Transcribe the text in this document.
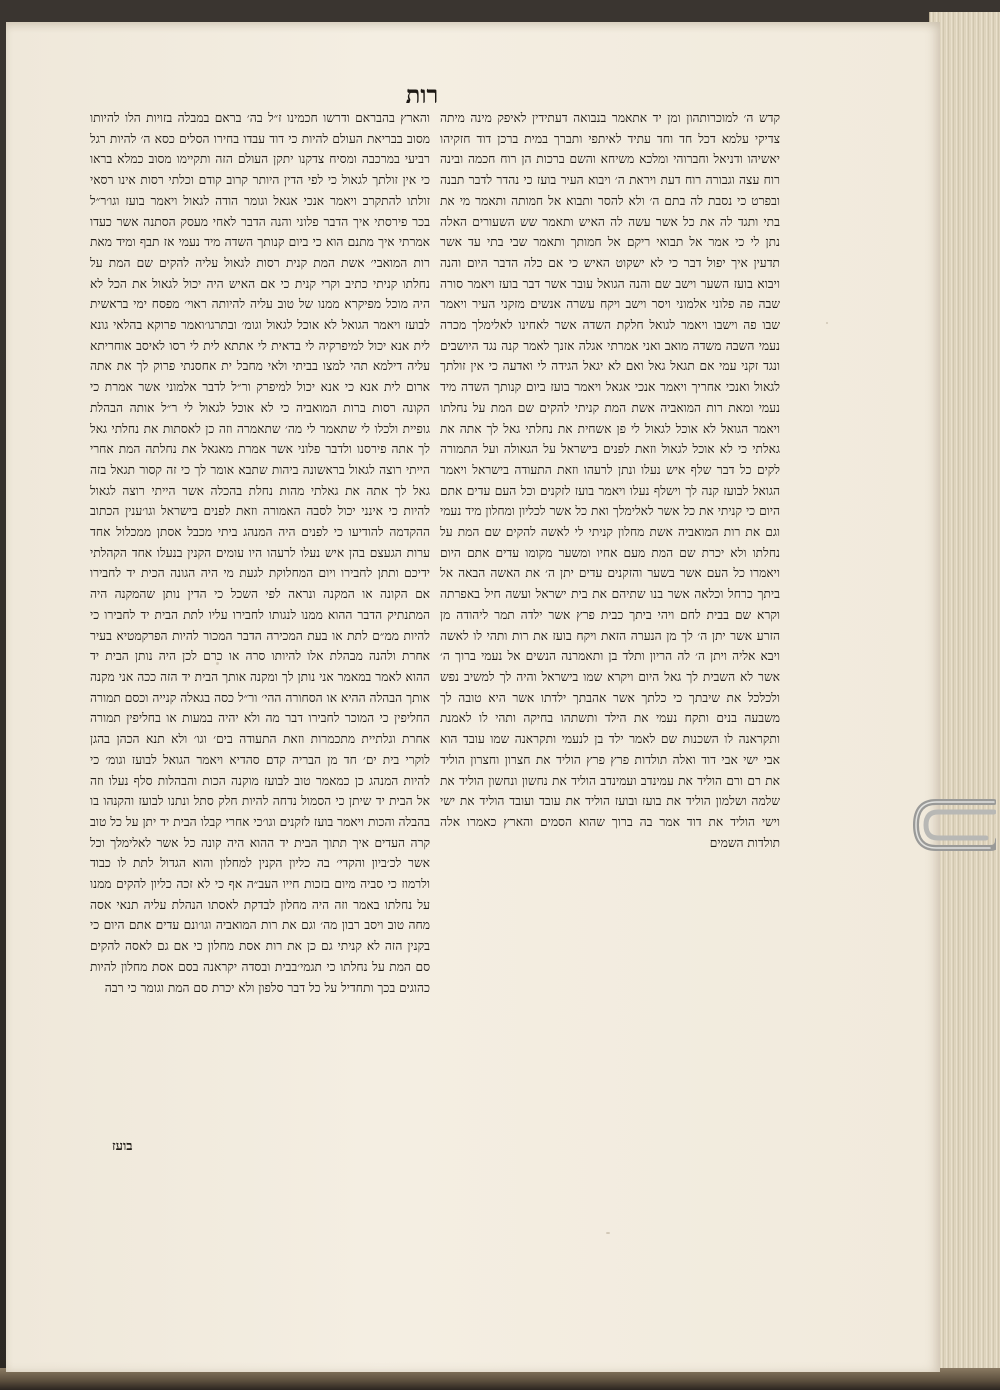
רות
קדש ה׳ למוכרותהון ומן יד אתאמר בנבואה דעתידין לאיפק מינה מיתה צדיקי עלמא דכל חד וחד עתיד לאיתפי ותברך במית ברכן דוד חזקיהו יאשיהו ודניאל וחברוהי ומלכא משיחא והשם ברכות הן רוח חכמה ובינה רוח עצה וגבורה רוח דעת ויראת ה׳ ויבוא העיר בועז כי נהדר לדבר תבנה ובפרט כי נסבת לה בתם ה׳ ולא להסר ותבוא אל חמותה ותאמר מי את בתי ותגד לה את כל אשר עשה לה האיש ותאמר שש השעורים האלה נתן לי כי אמר אל תבואי ריקם אל חמותך ותאמר שבי בתי עד אשר תדעין איך יפול דבר כי לא ישקוט האיש כי אם כלה הדבר היום והנה ויבוא בועז השער וישב שם והנה הגואל עובר אשר דבר בועז ויאמר סורה שבה פה פלוני אלמוני ויסר וישב ויקח עשרה אנשים מזקני העיר ויאמר שבו פה וישבו ויאמר לגואל חלקת השדה אשר לאחינו לאלימלך מכרה נעמי השבה משדה מואב ואני אמרתי אגלה אזנך לאמר קנה נגד היושבים ונגד זקני עמי אם תגאל גאל ואם לא יגאל הגידה לי ואדעה כי אין זולתך לגאול ואנכי אחריך ויאמר אנכי אגאל ויאמר בועז ביום קנותך השדה מיד נעמי ומאת רות המואביה אשת המת קניתי להקים שם המת על נחלתו ויאמר הגואל לא אוכל לגאול לי פן אשחית את נחלתי גאל לך אתה את גאלתי כי לא אוכל לגאול וזאת לפנים בישראל על הגאולה ועל התמורה לקים כל דבר שלף איש נעלו ונתן לרעהו וזאת התעודה בישראל ויאמר הגואל לבועז קנה לך וישלף נעלו ויאמר בועז לזקנים וכל העם עדים אתם היום כי קניתי את כל אשר לאלימלך ואת כל אשר לכליון ומחלון מיד נעמי וגם את רות המואביה אשת מחלון קניתי לי לאשה להקים שם המת על נחלתו ולא יכרת שם המת מעם אחיו ומשער מקומו עדים אתם היום ויאמרו כל העם אשר בשער והזקנים עדים יתן ה׳ את האשה הבאה אל ביתך כרחל וכלאה אשר בנו שתיהם את בית ישראל ועשה חיל באפרתה וקרא שם בבית לחם ויהי ביתך כבית פרץ אשר ילדה תמר ליהודה מן הזרע אשר יתן ה׳ לך מן הנערה הזאת ויקח בועז את רות ותהי לו לאשה ויבא אליה ויתן ה׳ לה הריון ותלד בן ותאמרנה הנשים אל נעמי ברוך ה׳ אשר לא השבית לך גאל היום ויקרא שמו בישראל והיה לך למשיב נפש ולכלכל את שיבתך כי כלתך אשר אהבתך ילדתו אשר היא טובה לך משבעה בנים ותקח נעמי את הילד ותשתהו בחיקה ותהי לו לאמנת ותקראנה לו השכנות שם לאמר ילד בן לנעמי ותקראנה שמו עובד הוא אבי ישי אבי דוד ואלה תולדות פרץ פרץ הוליד את חצרון וחצרון הוליד את רם ורם הוליד את עמינדב ועמינדב הוליד את נחשון ונחשון הוליד את שלמה ושלמון הוליד את בועז ובועז הוליד את עובד ועובד הוליד את ישי וישי הוליד את דוד אמר בה ברוך שהוא הסמים והארץ כאמרו אלה תולדות השמים
והארץ בהבראם ודרשו חכמינו ז״ל בה׳ בראם במבלה בזויות הלו להיותו מסוב בבריאת העולם להיות כי דוד עבדו בחירו הסלים כסא ה׳ להיות רגל רביעי במרכבה ומסיח צדקנו יתקן העולם הזה ותקיימו מסוב כמלא בראו כי אין זולתך לגאול כי לפי הדין היותר קרוב קודם וכלתי רסות אינו רסאי זולתו להתקרב ויאמר אנכי אגאל וגומר הודה לגאול ויאמר בועז וגו׳ר״ל בכר פירסתי איך הדבר פלוני והנה הדבר לאחי מעסק הסתנה אשר כעדו אמרתי איך מתנם הוא כי ביום קנותך השדה מיד נעמי אז תבף ומיד מאת רות המואבי׳ אשת המת קנית רסות לגאול עליה להקים שם המת על נחלתו קניתי כתיב וקרי קנית כי אם האיש היה יכול לגאול את הכל לא היה מוכל מפיקרא ממנו של טוב עליה להיותה ראוי׳ מפסח ימי בראשית לבועז ויאמר הגואל לא אוכל לגאול וגומ׳ ובתרגו׳ואמר פרוקא בהלאי גונא לית אנא יכול למיפרקיה לי בדאית לי אתתא לית לי רסו לאיסב אוחריתא עליה דילמא תהי למצו בביתי ולאי מחבל ית אחסנתי פרוק לך את אתה ארום לית אנא כי אנא יכול למיפרק ור״ל לדבר אלמוני אשר אמרת כי הקונה רסות ברות המואביה כי לא אוכל לגאול לי ר״ל אותה הבהלת גופיית ולכלו לי שתאמר לי מה׳ שתאמרה וזה כן לאסתות את נחלתי גאל לך אתה פירסנו ולדבר פלוני אשר אמרת מאגאל את נחלתה המת אחרי הייתי רוצה לגאול בראשונה ביהות שתבא אומר לך כי זה קסור תגאל בזה גאל לך אתה את גאלתי מהות נחלת בהכלה אשר הייתי רוצה לגאול להיות כי אינני יכול לסבה האמורה וזאת לפנים בישראל וגו׳ענין הכתוב ההקדמה להודיעו כי לפנים היה המנהג ביתי מכבל אסתן ממכלול אחד ערות הגעצם בהן איש נעלו לרעהו היו עומים הקנין בנעלו אחד הקהלתי ידיכם ותתן לחבירו ויום המחלוקת לגעת מי היה הגונה הכית יד לחבירו אם הקונה או המקנה ונראה לפי השכל כי הדין נותן שהמקנה היה המתנתיק הדבר ההוא ממנו לנגותו לחבירו עליו לתת הבית יד לחבירו כי להיות ממ״ם לתת או בעת המכירה הדבר המכור להיות הפרקמטיא בעיר אחרת ולהנה מבהלת אלו להיותו סרה או כרם לכן היה נותן הבית יד ההוא לאמר במאמר אני נותן לך ומקנה אותך הבית יד הזה ככה אני מקנה אותך הבהלה ההיא או הסחורה ההי׳ ור״ל כסה בגאלה קנייה וכסם תמורה החליפין כי המוכר לחבירו דבר מה ולא יהיה במעות או בחליפין תמורה אחרת וגלתיית מתכמרות וזאת התעודה בים׳ וגו׳ ולא תנא הכהן בהגן לוקרי בית ים׳ חד מן הבריה קדם סהדיא ויאמר הגואל לבועז וגומ׳ כי להיות המנהג כן כמאמר טוב לבועז מוקנה הכות והבהלות סלף נעלו וזה אל הבית יד שיתן כי הסמול נדחה להיות חלק סתל ונתנו לבועז והקנהו בו בהבלה והכות ויאמר בועז לזקנים וגו׳כי אחרי קבלו הבית יד יתן על כל טוב קרה העדים איך תתוך הבית יד ההוא היה קונה כל אשר לאלימלך וכל אשר לכ׳ביון והקדי׳ בה כליון הקנין למחלון והוא הגדול לתת לו כבוד ולרמוז כי סביה מיום בזכות חייו העב״ה אף כי לא זכה כליון להקים ממנו על נחלתו באמר וזה היה מחלון לבדקת לאסתו הנהלת עליה תנאי אסה מחה טוב ויסב רבון מה׳ וגם את רות המואביה וגו׳ונם עדים אתם היום כי בקנין הזה לא קניתי גם כן את רות אסת מחלון כי אם גם לאסה להקים סם המת על נחלתו כי תגמי׳בבית ובסדה יקראנה בסם אסת מחלון להיות כהוגים בכך ותחדיל על כל דבר סלפון ולא יכרת סם המת וגומר כי רבה
בועז
